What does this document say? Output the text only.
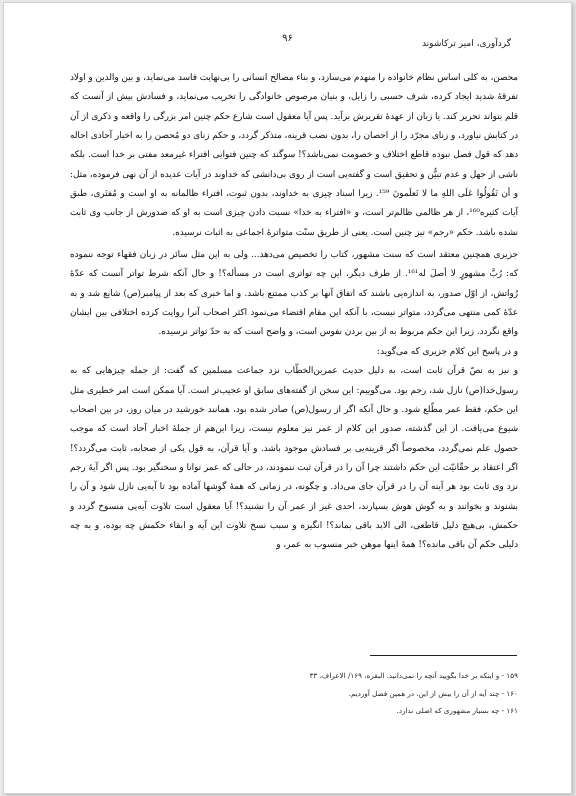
گردآوری، امیر ترکاشوند
۹۶

محصن، به کلی اساس نظام خانواده را منهدم می‌سازد، و بناء مصالح انسانی را بی‌نهایت فاسد می‌نماید، و بین والدین و اولاد تفرقهٔ شدید ایجاد کرده، شرف حسبی را زایل، و بنیان مرصوص خانوادگی را تخریب می‌نماید، و فسادش بیش از آنست که قلم بتواند تحریر کند. یا زبان از عهدهٔ تقریرش برآید. پس آیا معقول است شارع حکم چنین امر بزرگی را واقعه و ذکری از آن در کتابش نیاورد، و زنای مجرّد را از احصان را، بدون نصب قرینه، متذکر گردد، و حکم زنای دو مُحصن را به اخبار آحادی احاله دهد که قول فصل نبوده قاطع اختلاف و خصومت نمی‌باشد؟! سوگند که چنین فتوایی افتراء غیرمعد مفتی بر خدا است. بلکه ناشی از جهل و عدم تبیُّن و تحقیق است و گفته‌یی است از روی بی‌دانشی که خداوند در آیات عدیده از آن نهی فرموده، مثل: و أن تَقُولُوا عَلَى اللهِ ما لا تَعلَمونَ ¹⁵⁹. زیرا اسناد چیزی به خداوند، بدون ثبوت، افتراء ظالمانه به او است و مُفتَرى، طبق آیات کثیره¹⁶⁰، از هر ظالمی ظالم‌تر است، و «افتراء به خدا» نسبت دادن چیزی است به او که صدورش از جانب وی ثابت نشده باشد. حکم «رجم» نیز چنین است. یعنی از طریق سنّت متواترهٔ اجماعی به اثبات نرسیده.

جزیری همچنین معتقد است که سنت مشهور، کتاب را تخصیص می‌دهد... ولی به این مثل سائر در زبان فقهاء توجه ننموده که: رُبَّ مشهورٍ لا أصلَ له¹⁶¹. از طرف دیگر، این چه تواتری است در مسأله؟! و حال آنکه شرط تواتر آنست که عدّهٔ رُواتش، از اوّل صدور، به اندازه‌یی باشند که اتفاق آنها بر کذب ممتنع باشد. و اما خبری که بعد از پیامبر(ص) شایع شد و به عدّهٔ کمی منتهی می‌گردد، متواتر نیست، با آنکه این مقام اقتضاء می‌نمود اکثر اصحاب آنرا روایت کرده اختلافی بین ایشان واقع نگردد. زیرا این حکم مربوط به از بین بردن نفوس است، و واضح است که به حدّ تواتر نرسیده.

و در پاسخ این کلام جزیری که می‌گوید:

و نیز به نصّ قرآن ثابت است، به دلیل حدیث عمربن‌الخطّاب نزد جماعت مسلمین که گفت: از جمله چیزهایی که به رسول‌خدا(ص) نازل شد، رجم بود. می‌گوییم: این سخن از گفته‌های سابق او عجیب‌تر است. آیا ممکن است امر خطیری مثل این حکم، فقط عمر مطّلع شود. و حال آنکه اگر از رسول(ص) صادر شده بود، همانند خورشید در میان روز، در بین اصحاب شیوع می‌یافت. از این گذشته، صدور این کلام از عمر نیز معلوم نیست، زیرا این‌هم از جملهٔ اخبار آحاد است که موجب حصول علم نمی‌گردد، مخصوصاً اگر قرینه‌یی بر فسادش موجود باشد. و آیا قرآن، به قول یکی از صحابه، ثابت می‌گردد؟! اگر اعتقاد بر حقّانیّت این حکم داشتند چرا آن را در قرآن ثبت ننمودند، در حالی که عمر توانا و سخنگیر بود. پس اگر آیهٔ رجم نزد وی ثابت بود هر آینه آن را در قرآن جای می‌داد. و چگونه، در زمانی که همهٔ گوشها آماده بود تا آیه‌یی نازل شود و آن را بشنوند و بخوانند و به گوش هوش بسپارند، احدی غیر از عمر آن را نشنید؟! آیا معقول است تلاوت آیه‌یی منسوخ گردد و حکمش، بی‌هیچ دلیل قاطعی، الی الابد باقی بماند؟! انگیزه و سبب نسخ تلاوت این آیه و ابقاء حکمش چه بوده، و به چه دلیلی حکم آن باقی مانده؟! همهٔ اینها موهن خبر منسوب به عمر، و

۱۵۹ - و اینکه بر خدا بگویید آنچه را نمی‌دانید. البقره، ۱۶۹/ الاعراف، ۳۳

۱۶۰ - چند آیه از آن را بیش از این، در همین فصل آوردیم.

۱۶۱ - چه بسیار مشهوری که اصلی ندارد.
